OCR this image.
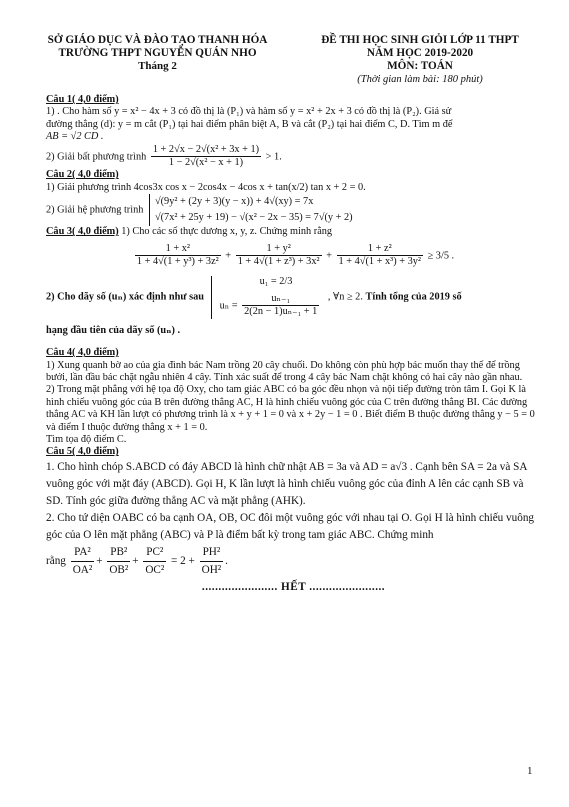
SỞ GIÁO DỤC VÀ ĐÀO TẠO THANH HÓA
TRƯỜNG THPT NGUYỄN QUÁN NHO
Tháng 2
ĐỀ THI HỌC SINH GIỎI LỚP 11 THPT
NĂM HỌC 2019-2020
MÔN: TOÁN
(Thời gian làm bài: 180 phút)

Câu 1( 4,0 điểm)

1) . Cho hàm số y = x² − 4x + 3 có đồ thị là (P₁) và hàm số y = x² + 2x + 3 có đồ thị là (P₂). Giả sử

đường thẳng (d): y = m cắt (P₁) tại hai điểm phân biệt A, B và cắt (P₂) tại hai điểm C, D. Tìm m để

AB = √2 CD .

2) Giải bất phương trình $\frac{\text{1 + 2√x − 2√(x² + 3x + 1)}}{\text{1 − 2√(x² − x + 1)}} > 1$.

Câu 2( 4,0 điểm)

1) Giải phương trình 4cos3x cos x − 2cos4x − 4cos x + tan(x/2) tan x + 2 = 0.

2) Giải hệ phương trình
√(9y² + (2y + 3)(y − x)) + 4√(xy) = 7x
√(7x² + 25y + 19) − √(x² − 2x − 35) = 7√(y + 2)

Câu 3( 4,0 điểm) 1) Cho các số thực dương x, y, z. Chứng minh rằng

$\frac{\text{1 + x²}}{\text{1 + 4√(1 + y³) + 3z²}} + \frac{\text{1 + y²}}{\text{1 + 4√(1 + z³) + 3x²}} + \frac{\text{1 + z²}}{\text{1 + 4√(1 + x³) + 3y²}} \ge 3/5$ .
2) Cho dãy số (uₙ) xác định như sau
u₁ = 2/3
$u_n = \frac{\text{uₙ₋₁}}{\text{2(2n − 1)uₙ₋₁ + 1}}$ , ∀n ≥ 2. Tính tổng của 2019 số

hạng đầu tiên của dãy số (uₙ) .

Câu 4( 4,0 điểm)

1) Xung quanh bờ ao của gia đình bác Nam trồng 20 cây chuối. Do không còn phù hợp bác muốn thay thế để trồng bưởi, lần đầu bác chặt ngẫu nhiên 4 cây. Tính xác suất để trong 4 cây bác Nam chặt không có hai cây nào gần nhau.

2) Trong mặt phẳng với hệ tọa độ Oxy, cho tam giác ABC có ba góc đều nhọn và nội tiếp đường tròn tâm I. Gọi K là hình chiếu vuông góc của B trên đường thẳng AC, H là hình chiếu vuông góc của C trên đường thẳng BI. Các đường thẳng AC và KH lần lượt có phương trình là x + y + 1 = 0 và x + 2y − 1 = 0 . Biết điểm B thuộc đường thẳng y − 5 = 0 và điểm I thuộc đường thẳng x + 1 = 0.

Tìm tọa độ điểm C.

Câu 5( 4,0 điểm)

1. Cho hình chóp S.ABCD có đáy ABCD là hình chữ nhật AB = 3a và AD = a√3 . Cạnh bên SA = 2a và SA vuông góc với mặt đáy (ABCD). Gọi H, K lần lượt là hình chiếu vuông góc của đỉnh A lên các cạnh SB và SD. Tính góc giữa đường thẳng AC và mặt phẳng (AHK).

2. Cho tứ diện OABC có ba cạnh OA, OB, OC đôi một vuông góc với nhau tại O. Gọi H là hình chiếu vuông góc của O lên mặt phẳng (ABC) và P là điểm bất kỳ trong tam giác ABC. Chứng minh

rằng $\frac{\text{PA²}}{\text{OA²}} + \frac{\text{PB²}}{\text{OB²}} + \frac{\text{PC²}}{\text{OC²}} = 2 + \frac{\text{PH²}}{\text{OH²}}$ .

....................... HẾT .......................

1
